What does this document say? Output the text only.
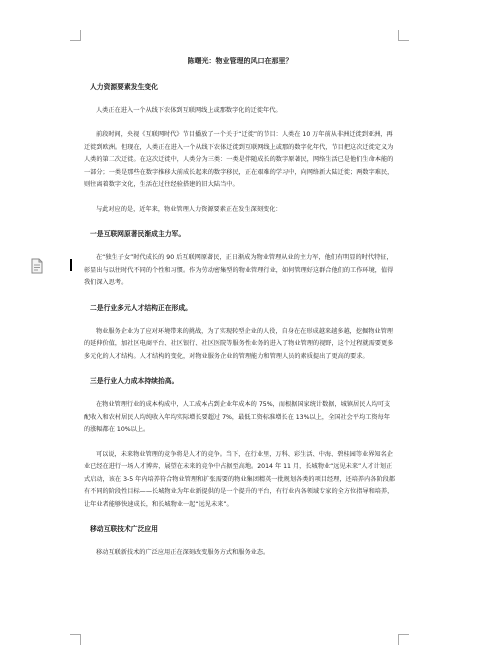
陈曙光：物业管理的风口在那里？
人力资源要素发生变化

人类正在进入一个从线下农体到互联网线上或那数字化的迁徙年代。

前段时间，央视《互联网时代》节目播放了一个关于“迁徙”的节目：人类在 10 万年前从非洲迁徙到亚洲，再迁徙到欧洲。但现在，人类正在进入一个从线下农体迁徙到互联网线上或那的数字化年代，节目把这次迁徙定义为人类的第二次迁徙。在这次迁徙中，人类分为三类：一类是伴随成长的数字原著民，网络生活已是他们生命本能的一部分；一类是那些在数字推移大前成长起来的数字移民，正在艰难的学习中，向网络新大陆迁徙；两数字难民，则往离着数字文化，生活在过往经验搭建的旧大陆当中。

与此对应的是，近年来，物业管理人力资源要素正在发生深刻变化：

一是互联网原著民渐成主力军。

在“独生子女”时代成长的 90 后互联网原著民，正日渐成为物业管理从业的主力军，他们有明显的时代特征，彰显出与以往时代不同的个性和习惯。作为劳动密集型的物业管理行业，如何管理好这群合他们的工作环境，值得我们深入思考。

二是行业多元人才结构正在形成。

物业服务企业为了应对环境带来的挑战，为了实现转型企业的人役，自身在在形成越来越多越，挖掘物业管理的延伸价值，加社区电商平台、社区银行、社区医院等服务性业务的进入了物业管理的视野，这个过程就需要更多多元化的人才结构。人才结构的变化，对物业服务企业的管理能力和管理人员的素质提出了更高的要求。

三是行业人力成本持续抬高。

在物业管理行业的成本构成中，人工成本占到企业年成本的 75%，而根据国家统计数据，城镇居民人均可支配收入和农村居民人均纯收入年均实际增长要超过 7%，最低工资标准增长在 13%以上，全国社会平均工资每年的涨幅都在 10%以上。

可以说，未来物业管理的竞争将是人才的竞争。当下，在行业里，万科、彩生活、中海、碧桂园等业界知名企业已经在进行一场人才博弈，展望在未来的竞争中占据至高地。2014 年 11 月，长城物业“远见未来”人才计划正式启动，该在 3-5 年内培养符合物业管理和扩张需要的物业集团精英一批规划各类的项目经理，还培养内各阶段都有不同的阶段性目标——长城物业为年业新提供的是一个提升的平台，有行业内各领域专家的全方位指导和培养，让年业者能够快速成长，和长城物业一起“远见未来”。

移动互联技术广泛应用

移动互联新技术的广泛应用正在深刻改变服务方式和服务业态。
